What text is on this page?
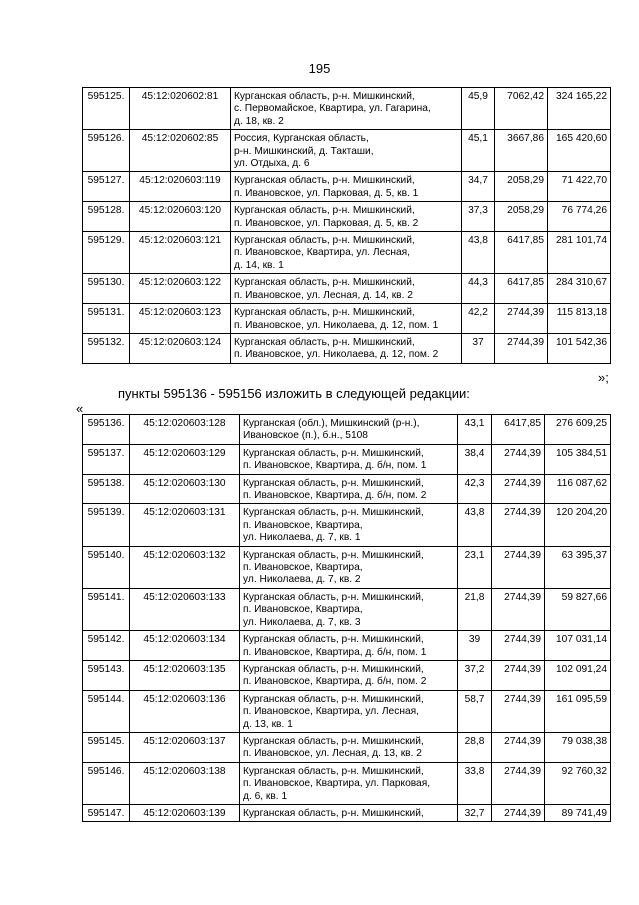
195
595125.	45:12:020602:81	Курганская область, р-н. Мишкинский,
с. Первомайское, Квартира, ул. Гагарина,
д. 18, кв. 2	45,9	7062,42	324 165,22
595126.	45:12:020602:85	Россия, Курганская область,
р-н. Мишкинский, д. Такташи,
ул. Отдыха, д. 6	45,1	3667,86	165 420,60
595127.	45:12:020603:119	Курганская область, р-н. Мишкинский,
п. Ивановское, ул. Парковая, д. 5, кв. 1	34,7	2058,29	71 422,70
595128.	45:12:020603:120	Курганская область, р-н. Мишкинский,
п. Ивановское, ул. Парковая, д. 5, кв. 2	37,3	2058,29	76 774,26
595129.	45:12:020603:121	Курганская область, р-н. Мишкинский,
п. Ивановское, Квартира, ул. Лесная,
д. 14, кв. 1	43,8	6417,85	281 101,74
595130.	45:12:020603:122	Курганская область, р-н. Мишкинский,
п. Ивановское, ул. Лесная, д. 14, кв. 2	44,3	6417,85	284 310,67
595131.	45:12:020603:123	Курганская область, р-н. Мишкинский,
п. Ивановское, ул. Николаева, д. 12, пом. 1	42,2	2744,39	115 813,18
595132.	45:12:020603:124	Курганская область, р-н. Мишкинский,
п. Ивановское, ул. Николаева, д. 12, пом. 2	37	2744,39	101 542,36
»;
пункты 595136 - 595156 изложить в следующей редакции:
«
595136.	45:12:020603:128	Курганская (обл.), Мишкинский (р-н.),
Ивановское (п.), б.н., 5108	43,1	6417,85	276 609,25
595137.	45:12:020603:129	Курганская область, р-н. Мишкинский,
п. Ивановское, Квартира, д. б/н, пом. 1	38,4	2744,39	105 384,51
595138.	45:12:020603:130	Курганская область, р-н. Мишкинский,
п. Ивановское, Квартира, д. б/н, пом. 2	42,3	2744,39	116 087,62
595139.	45:12:020603:131	Курганская область, р-н. Мишкинский,
п. Ивановское, Квартира,
ул. Николаева, д. 7, кв. 1	43,8	2744,39	120 204,20
595140.	45:12:020603:132	Курганская область, р-н. Мишкинский,
п. Ивановское, Квартира,
ул. Николаева, д. 7, кв. 2	23,1	2744,39	63 395,37
595141.	45:12:020603:133	Курганская область, р-н. Мишкинский,
п. Ивановское, Квартира,
ул. Николаева, д. 7, кв. 3	21,8	2744,39	59 827,66
595142.	45:12:020603:134	Курганская область, р-н. Мишкинский,
п. Ивановское, Квартира, д. б/н, пом. 1	39	2744,39	107 031,14
595143.	45:12:020603:135	Курганская область, р-н. Мишкинский,
п. Ивановское, Квартира, д. б/н, пом. 2	37,2	2744,39	102 091,24
595144.	45:12:020603:136	Курганская область, р-н. Мишкинский,
п. Ивановское, Квартира, ул. Лесная,
д. 13, кв. 1	58,7	2744,39	161 095,59
595145.	45:12:020603:137	Курганская область, р-н. Мишкинский,
п. Ивановское, ул. Лесная, д. 13, кв. 2	28,8	2744,39	79 038,38
595146.	45:12:020603:138	Курганская область, р-н. Мишкинский,
п. Ивановское, Квартира, ул. Парковая,
д. 6, кв. 1	33,8	2744,39	92 760,32
595147.	45:12:020603:139	Курганская область, р-н. Мишкинский,	32,7	2744,39	89 741,49
